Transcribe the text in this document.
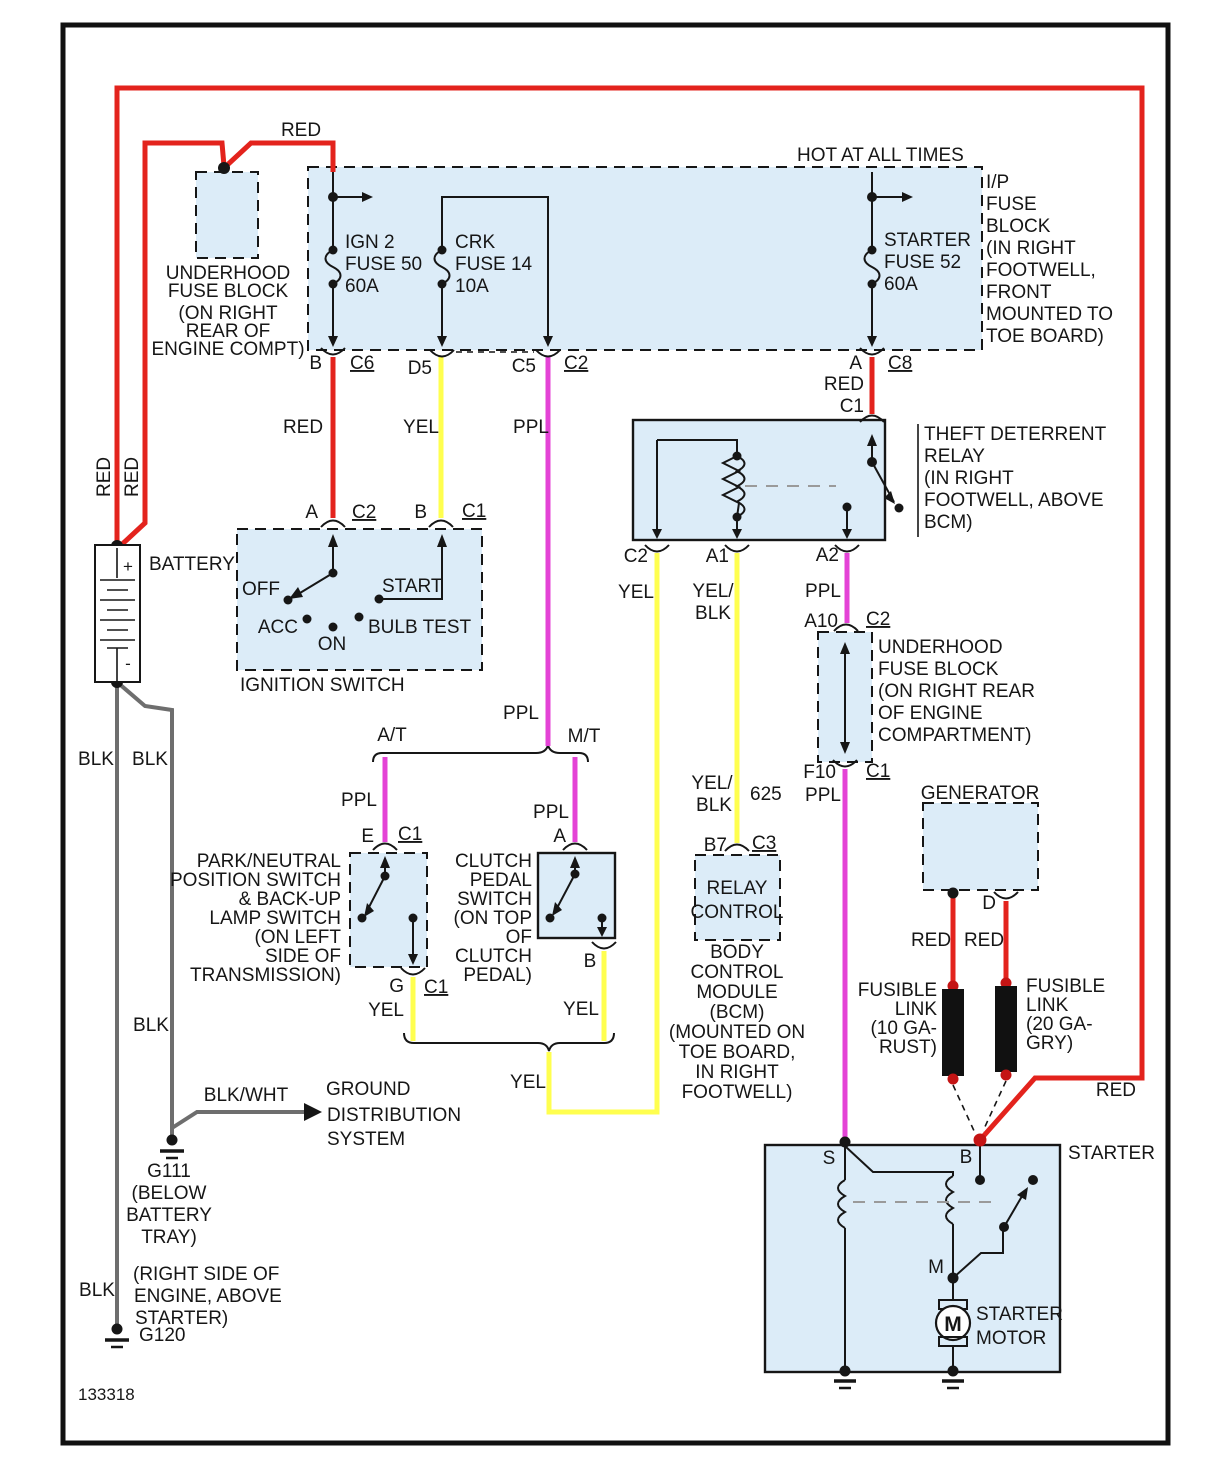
HOT AT ALL TIMES
I/P
FUSE
BLOCK
(IN RIGHT
FOOTWELL,
FRONT
MOUNTED TO
TOE BOARD)
UNDERHOOD
FUSE BLOCK
(ON RIGHT
REAR OF
ENGINE COMPT)
RED
RED RED
IGN 2
FUSE 50
60A
CRK
FUSE 14
10A
STARTER
FUSE 52
60A
B C6 D5	C5 C2	A C8
RED
C1
RED	YEL	PPL
A C2 B C1
OFF	START
ACC
ON
BULB TEST
IGNITION SWITCH
BATTERY
+
-
THEFT DETERRENT
RELAY
(IN RIGHT
FOOTWELL, ABOVE
BCM)
C2	A1	A2
YEL YEL/
BLK
PPL
A10 C2
UNDERHOOD
FUSE BLOCK
(ON RIGHT REAR
OF ENGINE
COMPARTMENT)
F10 C1
PPL
PPL
A/T	M/T
PPL
PPL
PARK/NEUTRAL
POSITION SWITCH
& BACK-UP
LAMP SWITCH
(ON LEFT
SIDE OF
TRANSMISSION)
E C1
G C1
YEL
CLUTCH
PEDAL
SWITCH
(ON TOP
OF
CLUTCH
PEDAL)
A
B
YEL
YEL
YEL/
BLK
625
B7 C3
RELAY
CONTROL
BODY
CONTROL
MODULE
(BCM)
(MOUNTED ON
TOE BOARD,
IN RIGHT
FOOTWELL)
GENERATOR
D
RED RED
FUSIBLE
LINK
(10 GA-
RUST)
FUSIBLE
LINK
(20 GA-
GRY)
RED
STARTER
S	B
M
M STARTER
MOTOR
BLK BLK
BLK
BLK
BLK/WHT GROUND
DISTRIBUTION
SYSTEM
G111
(BELOW
BATTERY
TRAY)
(RIGHT SIDE OF
ENGINE, ABOVE
STARTER)
G120
133318
